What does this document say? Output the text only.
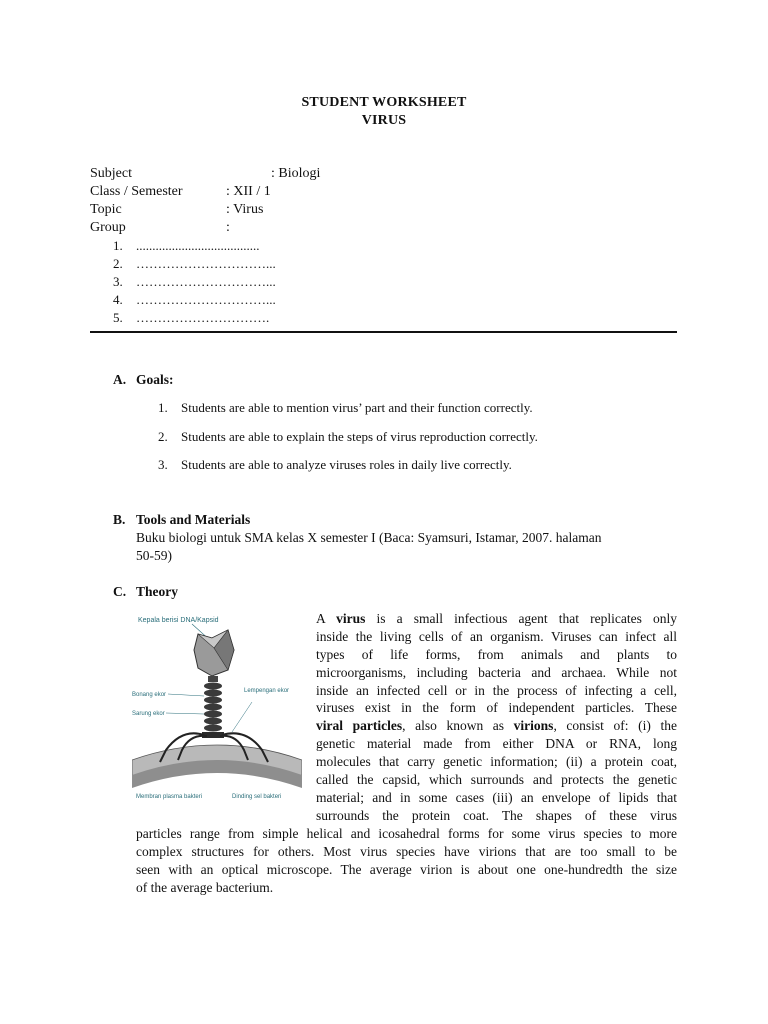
STUDENT WORKSHEET
VIRUS
Subject	: Biologi
Class / Semester	: XII / 1
Topic	: Virus
Group	:
1. ......................................
2. …………………………...
3. …………………………...
4. …………………………...
5. ………………………….
A. Goals:
1. Students are able to mention virus’ part and their function correctly.
2. Students are able to explain the steps of virus reproduction correctly.
3. Students are able to analyze viruses roles in daily live correctly.
B. Tools and Materials
Buku biologi untuk SMA kelas X semester I (Baca: Syamsuri, Istamar, 2007. halaman
50-59)
C. Theory
Kepala berisi DNA/Kapsid
Bonang ekor
Sarung ekor
Lempengan ekor
Membran plasma bakteri	Dinding sel bakteri
A virus is a small infectious agent that replicates only
inside the living cells of an organism. Viruses can infect all
types of life forms, from animals and plants to
microorganisms, including bacteria and archaea. While not
inside an infected cell or in the process of infecting a cell,
viruses exist in the form of independent particles. These
viral particles, also known as virions, consist of: (i) the
genetic material made from either DNA or RNA, long
molecules that carry genetic information; (ii) a protein coat,
called the capsid, which surrounds and protects the genetic
material; and in some cases (iii) an envelope of lipids that
surrounds the protein coat. The shapes of these virus
particles range from simple helical and icosahedral forms for some virus species to more
complex structures for others. Most virus species have virions that are too small to be
seen with an optical microscope. The average virion is about one one-hundredth the size
of the average bacterium.
